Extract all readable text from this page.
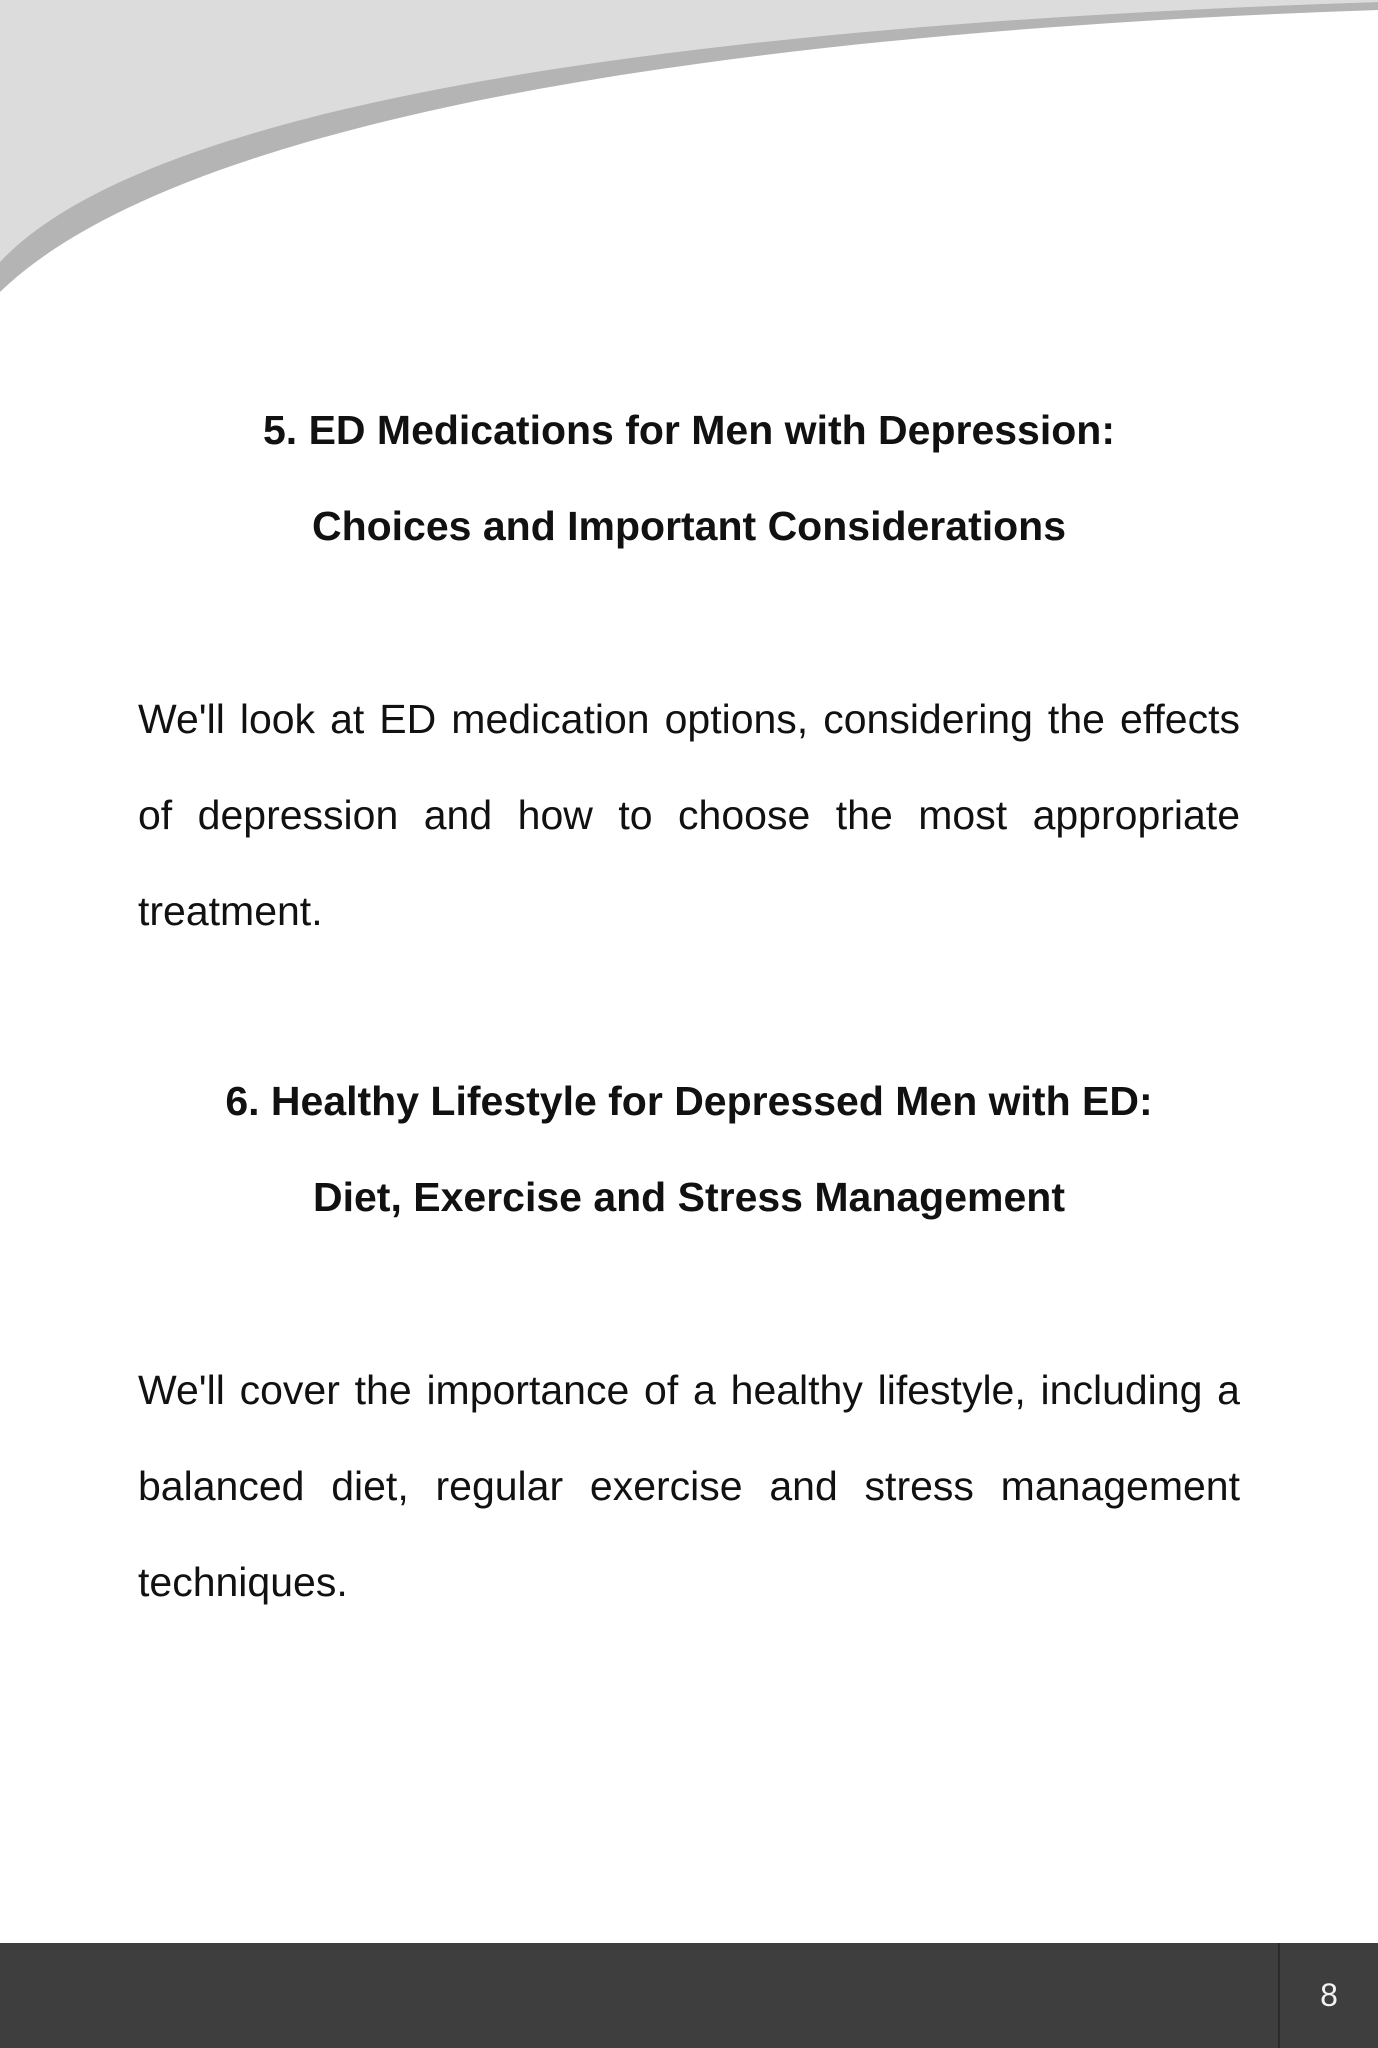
5. ED Medications for Men with Depression:
Choices and Important Considerations

We'll look at ED medication options, considering the effects of depression and how to choose the most appropriate treatment.

6. Healthy Lifestyle for Depressed Men with ED:
Diet, Exercise and Stress Management

We'll cover the importance of a healthy lifestyle, including a balanced diet, regular exercise and stress management techniques.

8
